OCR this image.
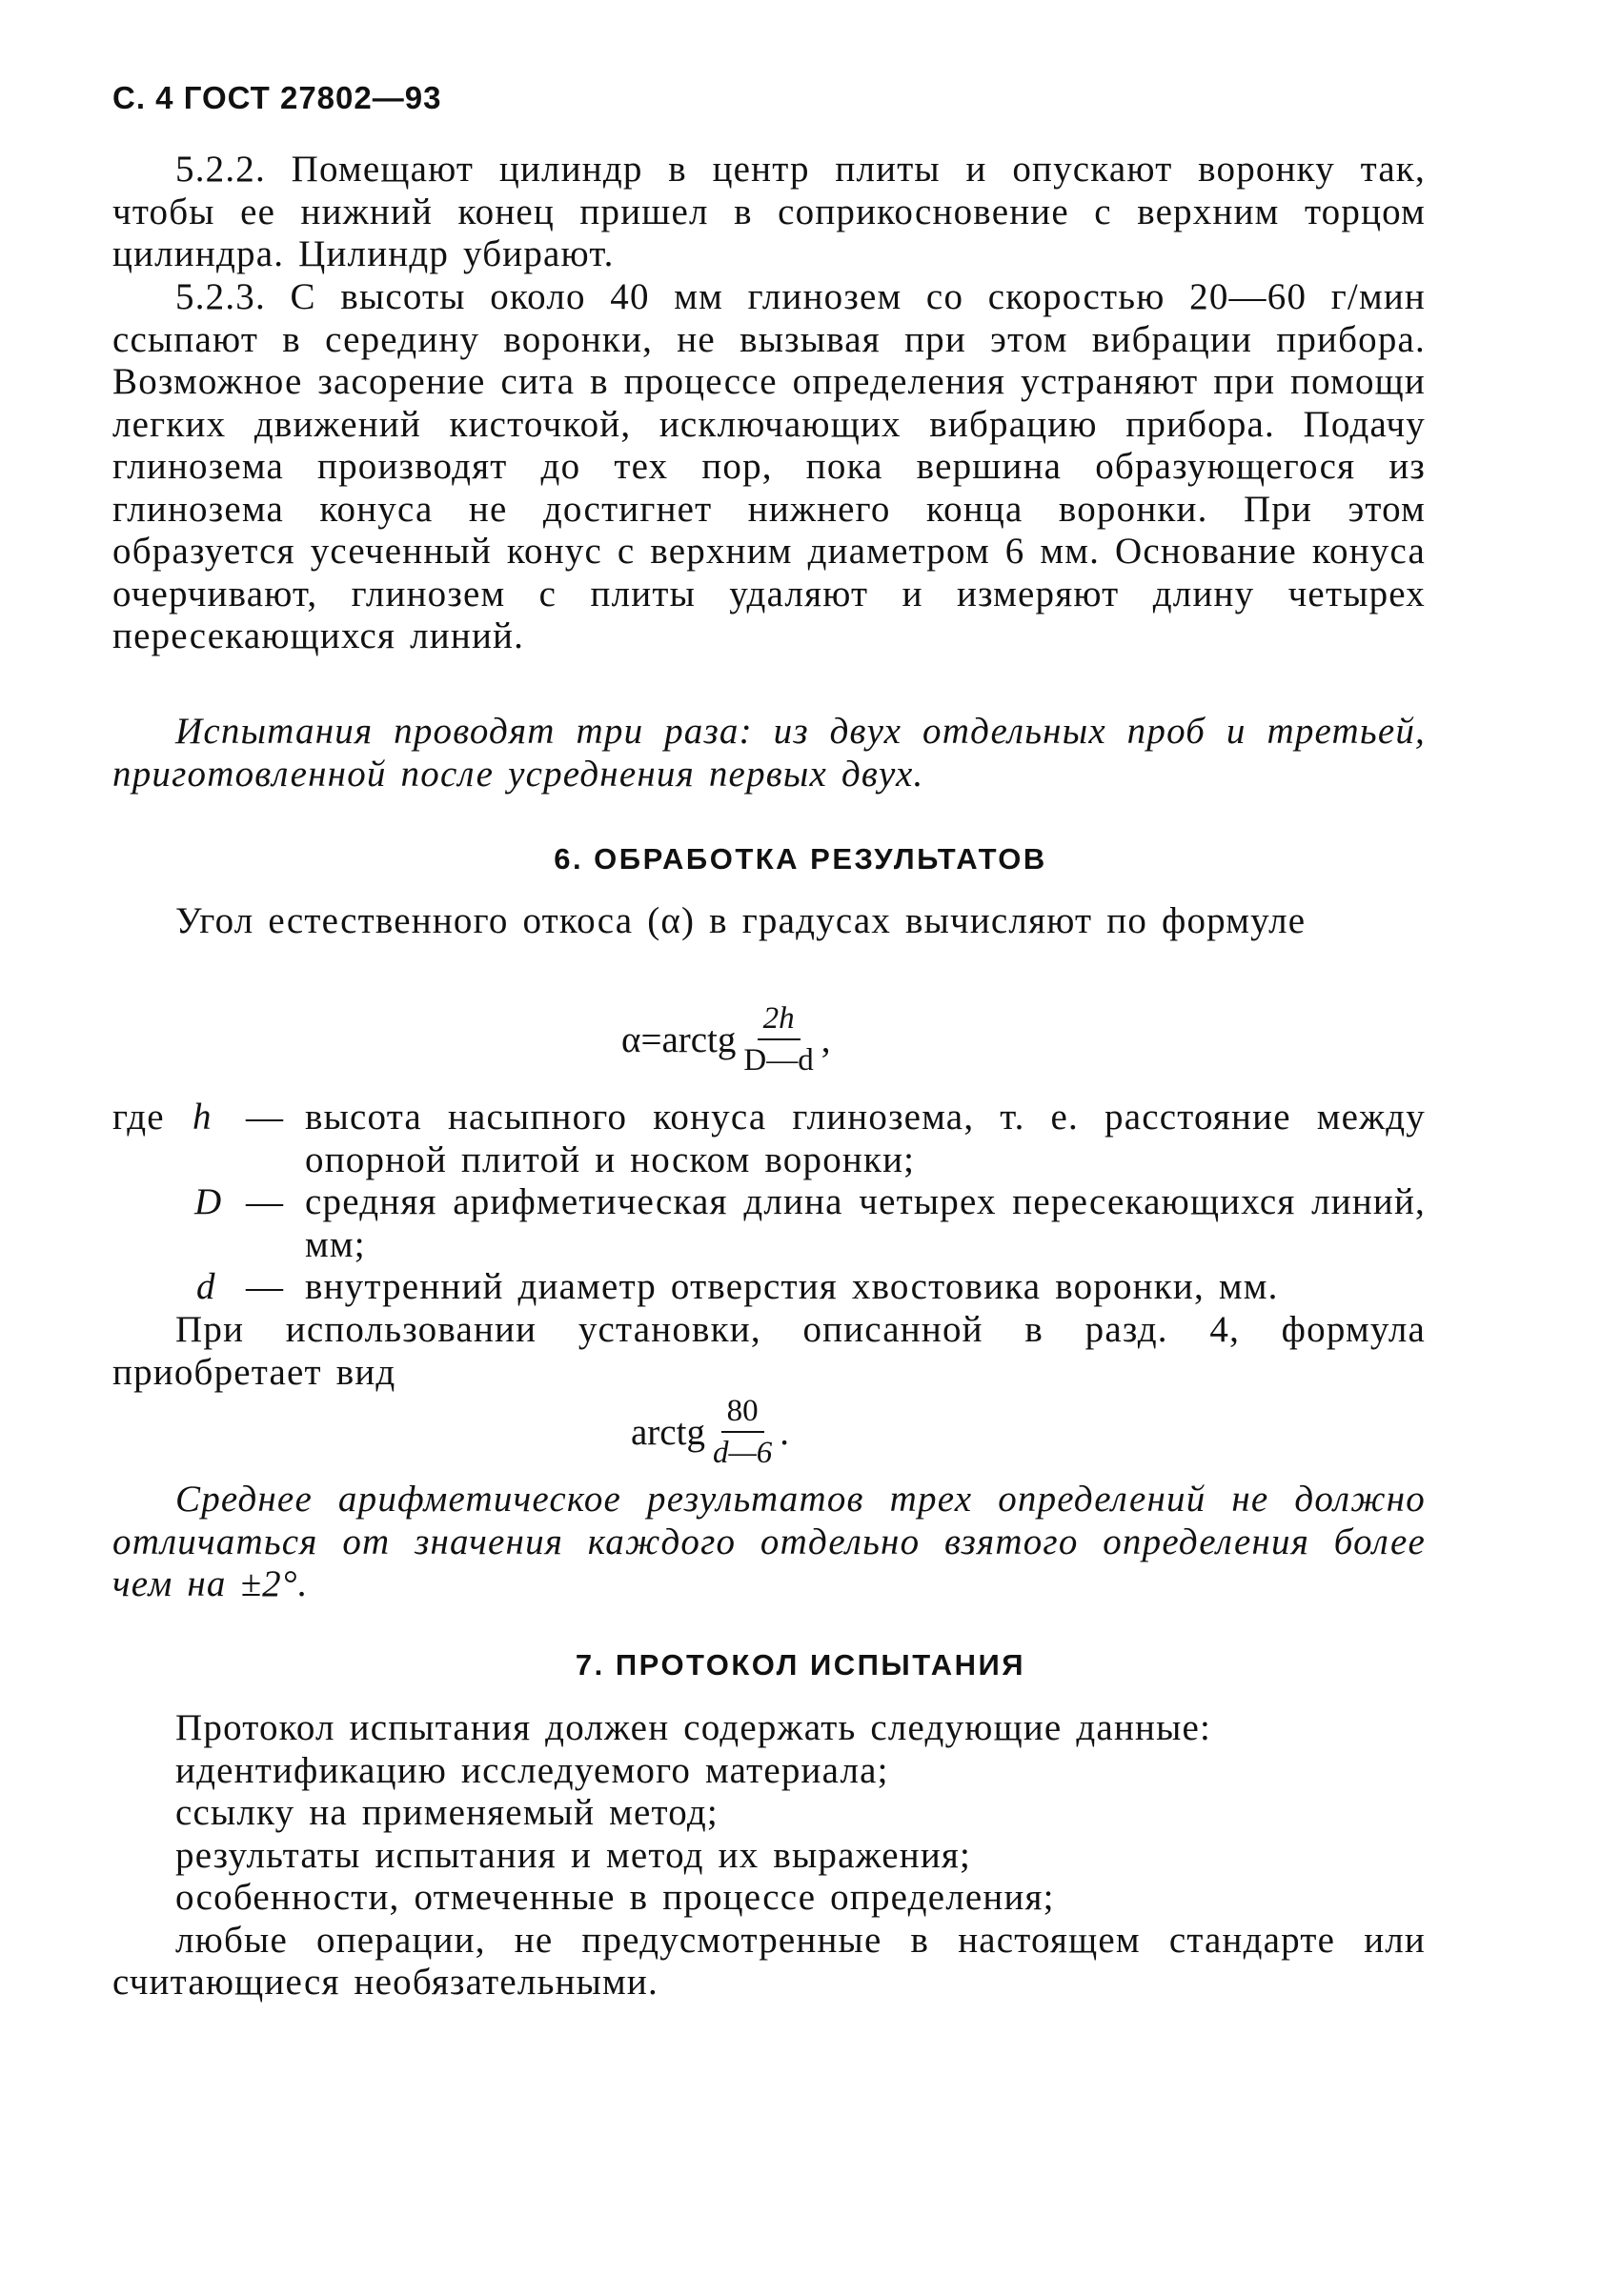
С. 4 ГОСТ 27802—93

5.2.2. Помещают цилиндр в центр плиты и опускают воронку так, чтобы ее нижний конец пришел в соприкосновение с верхним торцом цилиндра. Цилиндр убирают.

5.2.3. С высоты около 40 мм глинозем со скоростью 20—60 г/мин ссыпают в середину воронки, не вызывая при этом вибрации прибора. Возможное засорение сита в процессе определения устраняют при помощи легких движений кисточкой, исключающих вибрацию прибора. Подачу глинозема производят до тех пор, пока вершина образующегося из глинозема конуса не достигнет нижнего конца воронки. При этом образуется усеченный конус с верхним диаметром 6 мм. Основание конуса очерчивают, глинозем с плиты удаляют и измеряют длину четырех пересекающихся линий.

Испытания проводят три раза: из двух отдельных проб и третьей, приготовленной после усреднения первых двух.

6. ОБРАБОТКА РЕЗУЛЬТАТОВ

Угол естественного откоса (α) в градусах вычисляют по формуле

α = arctg $\frac{2h}{D—d}$ ,
где h — высота насыпного конуса глинозема, т. е. расстояние между опорной плитой и носком воронки;
D — средняя арифметическая длина четырех пересекающихся линий, мм;
d — внутренний диаметр отверстия хвостовика воронки, мм.

При использовании установки, описанной в разд. 4, формула приобретает вид

arctg $\frac{80}{d—6}$ .

Среднее арифметическое результатов трех определений не должно отличаться от значения каждого отдельно взятого определения более чем на ±2°.

7. ПРОТОКОЛ ИСПЫТАНИЯ
Протокол испытания должен содержать следующие данные:
идентификацию исследуемого материала;
ссылку на применяемый метод;
результаты испытания и метод их выражения;
особенности, отмеченные в процессе определения;
любые операции, не предусмотренные в настоящем стандарте или считающиеся необязательными.
